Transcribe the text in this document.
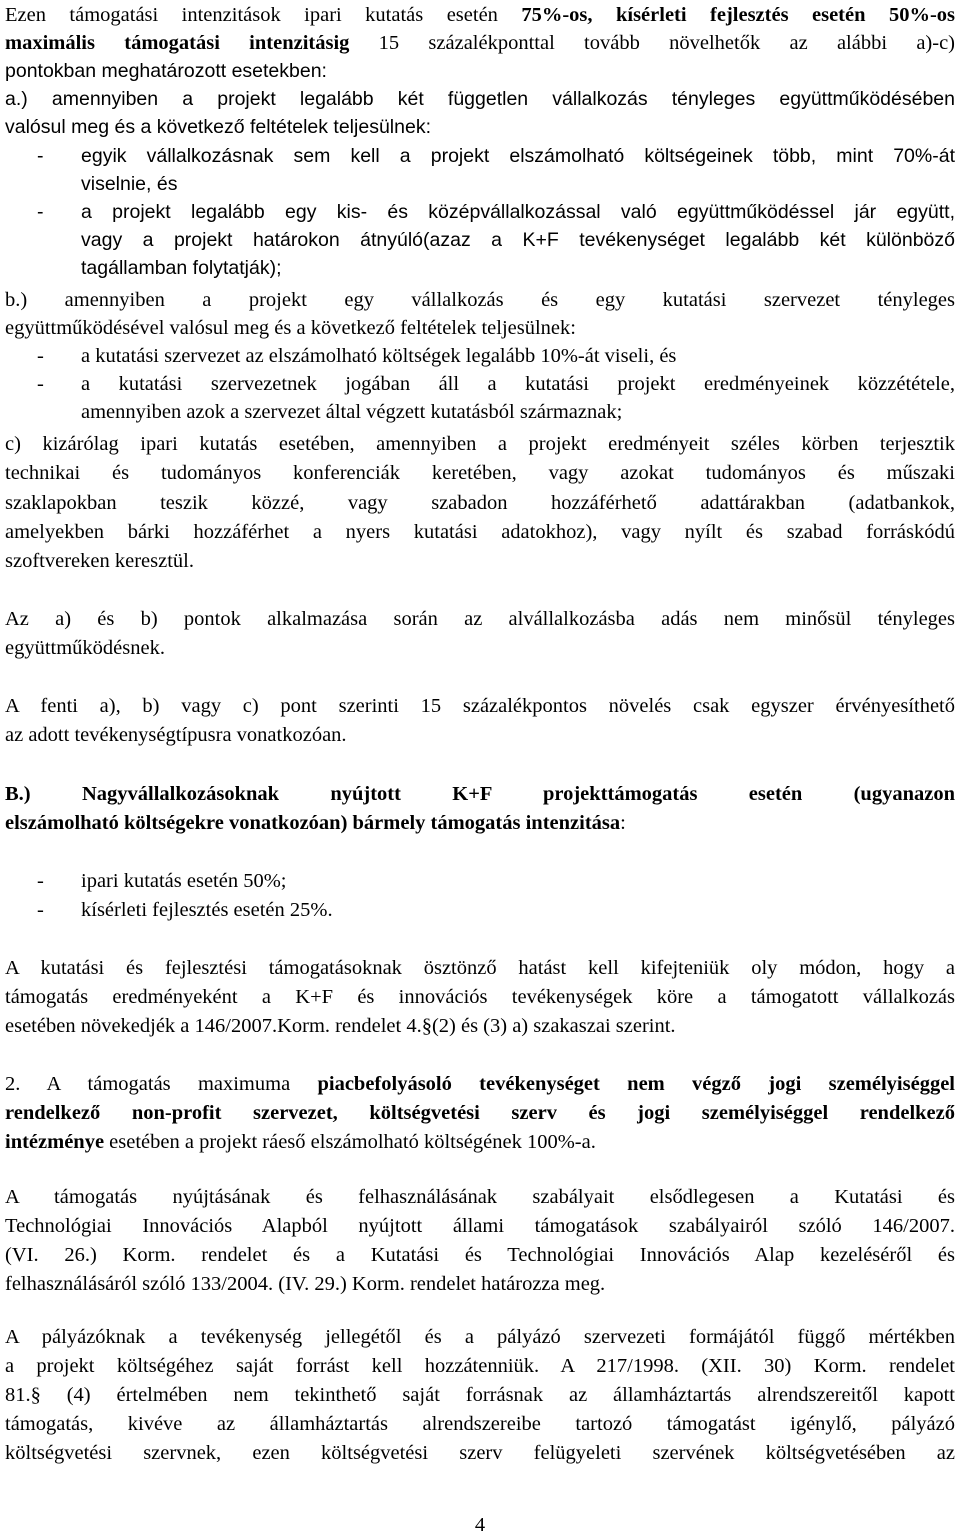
Ezen támogatási intenzitások ipari kutatás esetén 75%-os, kísérleti fejlesztés esetén 50%-os
maximális támogatási intenzitásig 15 százalékponttal tovább növelhetők az alábbi a)-c)
pontokban meghatározott esetekben:
a.) amennyiben a projekt legalább két független vállalkozás tényleges együttműködésében
valósul meg és a következő feltételek teljesülnek:
- egyik vállalkozásnak sem kell a projekt elszámolható költségeinek több, mint 70%-át
viselnie, és
- a projekt legalább egy kis- és középvállalkozással való együttműködéssel jár együtt,
vagy a projekt határokon átnyúló(azaz a K+F tevékenységet legalább két különböző
tagállamban folytatják);
b.) amennyiben a projekt egy vállalkozás és egy kutatási szervezet tényleges
együttműködésével valósul meg és a következő feltételek teljesülnek:
- a kutatási szervezet az elszámolható költségek legalább 10%-át viseli, és
- a kutatási szervezetnek jogában áll a kutatási projekt eredményeinek közzététele,
amennyiben azok a szervezet által végzett kutatásból származnak;
c) kizárólag ipari kutatás esetében, amennyiben a projekt eredményeit széles körben terjesztik
technikai és tudományos konferenciák keretében, vagy azokat tudományos és műszaki
szaklapokban teszik közzé, vagy szabadon hozzáférhető adattárakban (adatbankok,
amelyekben bárki hozzáférhet a nyers kutatási adatokhoz), vagy nyílt és szabad forráskódú
szoftvereken keresztül.
Az a) és b) pontok alkalmazása során az alvállalkozásba adás nem minősül tényleges
együttműködésnek.
A fenti a), b) vagy c) pont szerinti 15 százalékpontos növelés csak egyszer érvényesíthető
az adott tevékenységtípusra vonatkozóan.
B.) Nagyvállalkozásoknak nyújtott K+F projekttámogatás esetén (ugyanazon
elszámolható költségekre vonatkozóan) bármely támogatás intenzitása:
- ipari kutatás esetén 50%;
- kísérleti fejlesztés esetén 25%.
A kutatási és fejlesztési támogatásoknak ösztönző hatást kell kifejteniük oly módon, hogy a
támogatás eredményeként a K+F és innovációs tevékenységek köre a támogatott vállalkozás
esetében növekedjék a 146/2007.Korm. rendelet 4.§(2) és (3) a) szakaszai szerint.
2. A támogatás maximuma piacbefolyásoló tevékenységet nem végző jogi személyiséggel
rendelkező non-profit szervezet, költségvetési szerv és jogi személyiséggel rendelkező
intézménye esetében a projekt ráeső elszámolható költségének 100%-a.
A támogatás nyújtásának és felhasználásának szabályait elsődlegesen a Kutatási és
Technológiai Innovációs Alapból nyújtott állami támogatások szabályairól szóló 146/2007.
(VI. 26.) Korm. rendelet és a Kutatási és Technológiai Innovációs Alap kezeléséről és
felhasználásáról szóló 133/2004. (IV. 29.) Korm. rendelet határozza meg.
A pályázóknak a tevékenység jellegétől és a pályázó szervezeti formájától függő mértékben
a projekt költségéhez saját forrást kell hozzátenniük. A 217/1998. (XII. 30) Korm. rendelet
81.§ (4) értelmében nem tekinthető saját forrásnak az államháztartás alrendszereitől kapott
támogatás, kivéve az államháztartás alrendszereibe tartozó támogatást igénylő, pályázó
költségvetési szervnek, ezen költségvetési szerv felügyeleti szervének költségvetésében az
4
